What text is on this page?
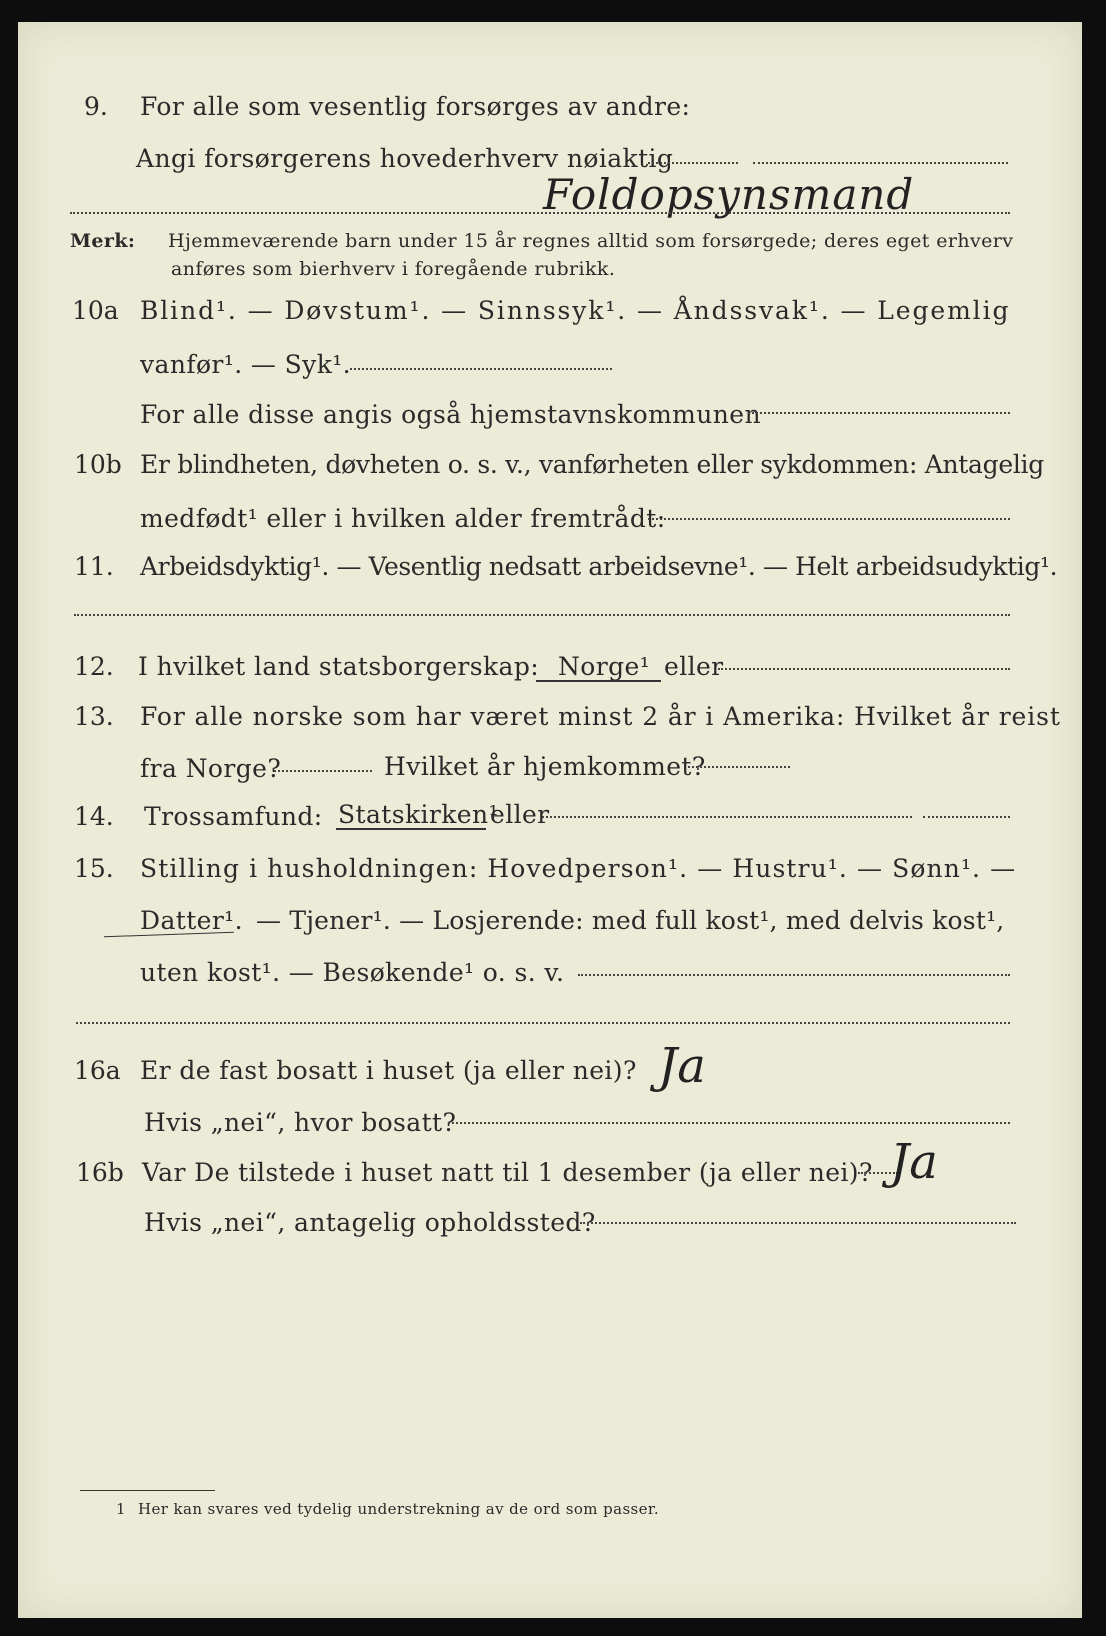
9. For alle som vesentlig forsørges av andre:
Angi forsørgerens hovederhverv nøiaktig
Foldopsynsmand
Merk: Hjemmeværende barn under 15 år regnes alltid som forsørgede; deres eget erhverv
anføres som bierhverv i foregående rubrikk.
10a Blind¹. — Døvstum¹. — Sinnssyk¹. — Åndssvak¹. — Legemlig
vanfør¹. — Syk¹.
For alle disse angis også hjemstavnskommunen
10b Er blindheten, døvheten o. s. v., vanførheten eller sykdommen: Antagelig
medfødt¹ eller i hvilken alder fremtrådt:
11. Arbeidsdyktig¹. — Vesentlig nedsatt arbeidsevne¹. — Helt arbeidsudyktig¹.
12. I hvilket land statsborgerskap: Norge¹ eller
13. For alle norske som har været minst 2 år i Amerika: Hvilket år reist
fra Norge?	Hvilket år hjemkommet?
14. Trossamfund: Statskirken¹
eller
15. Stilling i husholdningen: Hovedperson¹. — Hustru¹. — Sønn¹. —
Datter¹. — Tjener¹. — Losjerende: med full kost¹, med delvis kost¹,
uten kost¹. — Besøkende¹ o. s. v.
16a Er de fast bosatt i huset (ja eller nei)? Ja
Hvis „nei“, hvor bosatt?
16b Var De tilstede i huset natt til 1 desember (ja eller nei)? Ja
Hvis „nei“, antagelig opholdssted?
1 Her kan svares ved tydelig understrekning av de ord som passer.
